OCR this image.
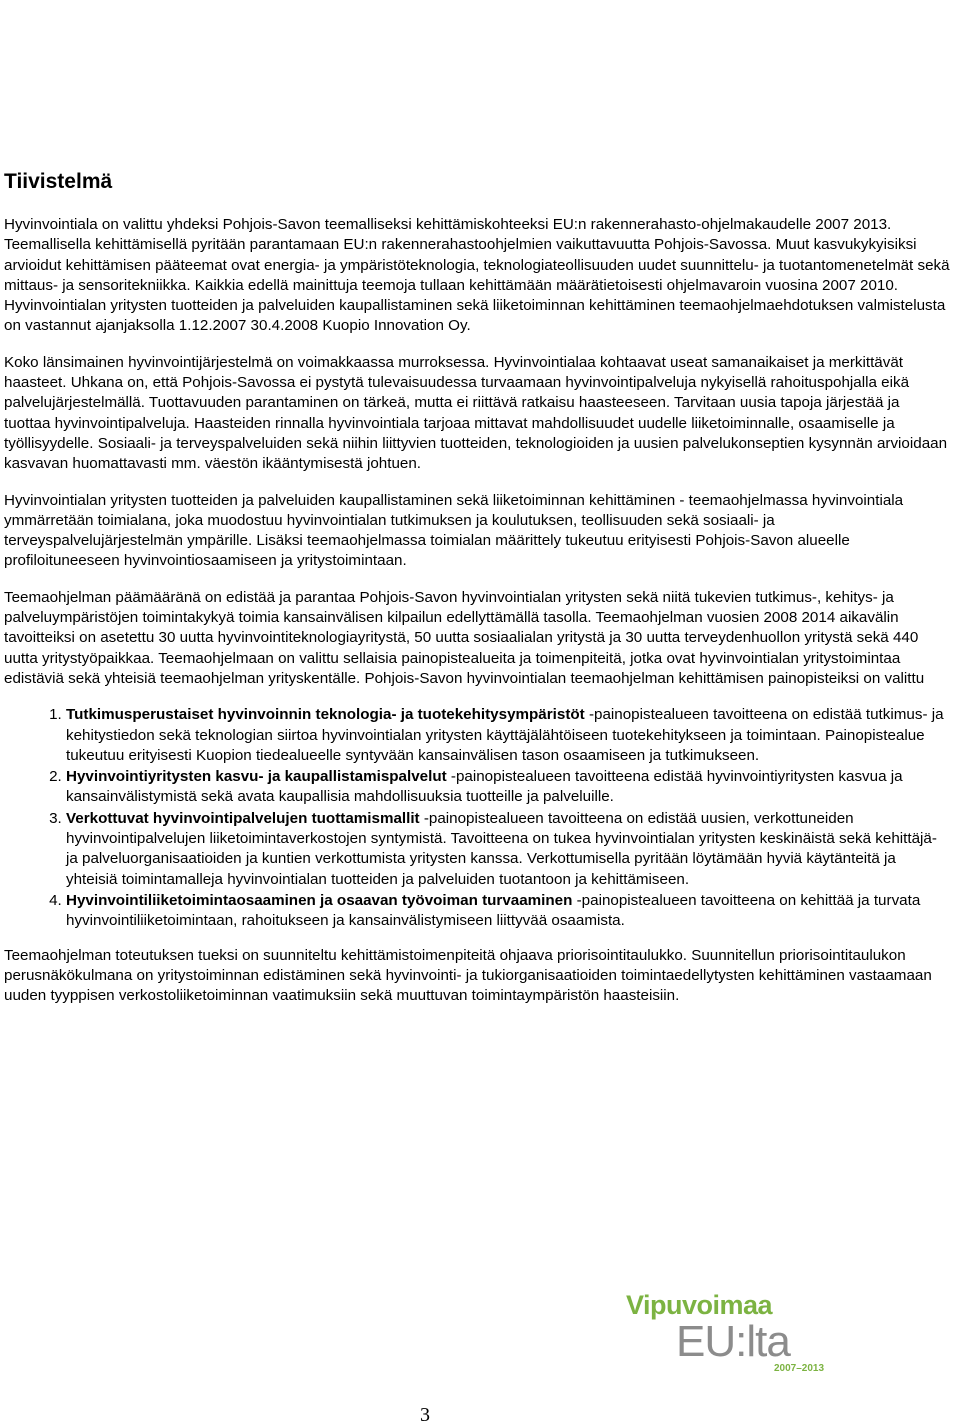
Tiivistelmä

Hyvinvointiala on valittu yhdeksi Pohjois-Savon teemalliseksi kehittämiskohteeksi EU:n rakennerahasto-ohjelmakaudelle 2007 2013. Teemallisella kehittämisellä pyritään parantamaan EU:n rakennerahastoohjelmien vaikuttavuutta Pohjois-Savossa. Muut kasvukykyisiksi arvioidut kehittämisen pääteemat ovat energia- ja ympäristöteknologia, teknologiateollisuuden uudet suunnittelu- ja tuotantomenetelmät sekä mittaus- ja sensoritekniikka. Kaikkia edellä mainittuja teemoja tullaan kehittämään määrätietoisesti ohjelmavaroin vuosina 2007 2010. Hyvinvointialan yritysten tuotteiden ja palveluiden kaupallistaminen sekä liiketoiminnan kehittäminen teemaohjelmaehdotuksen valmistelusta on vastannut ajanjaksolla 1.12.2007 30.4.2008 Kuopio Innovation Oy.

Koko länsimainen hyvinvointijärjestelmä on voimakkaassa murroksessa. Hyvinvointialaa kohtaavat useat samanaikaiset ja merkittävät haasteet. Uhkana on, että Pohjois-Savossa ei pystytä tulevaisuudessa turvaamaan hyvinvointipalveluja nykyisellä rahoituspohjalla eikä palvelujärjestelmällä. Tuottavuuden parantaminen on tärkeä, mutta ei riittävä ratkaisu haasteeseen. Tarvitaan uusia tapoja järjestää ja tuottaa hyvinvointipalveluja. Haasteiden rinnalla hyvinvointiala tarjoaa mittavat mahdollisuudet uudelle liiketoiminnalle, osaamiselle ja työllisyydelle. Sosiaali- ja terveyspalveluiden sekä niihin liittyvien tuotteiden, teknologioiden ja uusien palvelukonseptien kysynnän arvioidaan kasvavan huomattavasti mm. väestön ikääntymisestä johtuen.

Hyvinvointialan yritysten tuotteiden ja palveluiden kaupallistaminen sekä liiketoiminnan kehittäminen - teemaohjelmassa hyvinvointiala ymmärretään toimialana, joka muodostuu hyvinvointialan tutkimuksen ja koulutuksen, teollisuuden sekä sosiaali- ja terveyspalvelujärjestelmän ympärille. Lisäksi teemaohjelmassa toimialan määrittely tukeutuu erityisesti Pohjois-Savon alueelle profiloituneeseen hyvinvointiosaamiseen ja yritystoimintaan.

Teemaohjelman päämääränä on edistää ja parantaa Pohjois-Savon hyvinvointialan yritysten sekä niitä tukevien tutkimus-, kehitys- ja palveluympäristöjen toimintakykyä toimia kansainvälisen kilpailun edellyttämällä tasolla. Teemaohjelman vuosien 2008 2014 aikavälin tavoitteiksi on asetettu 30 uutta hyvinvointiteknologiayritystä, 50 uutta sosiaalialan yritystä ja 30 uutta terveydenhuollon yritystä sekä 440 uutta yritystyöpaikkaa. Teemaohjelmaan on valittu sellaisia painopistealueita ja toimenpiteitä, jotka ovat hyvinvointialan yritystoimintaa edistäviä sekä yhteisiä teemaohjelman yrityskentälle. Pohjois-Savon hyvinvointialan teemaohjelman kehittämisen painopisteiksi on valittu

1. Tutkimusperustaiset hyvinvoinnin teknologia- ja tuotekehitysympäristöt -painopistealueen tavoitteena on edistää tutkimus- ja kehitystiedon sekä teknologian siirtoa hyvinvointialan yritysten käyttäjälähtöiseen tuotekehitykseen ja toimintaan. Painopistealue tukeutuu erityisesti Kuopion tiedealueelle syntyvään kansainvälisen tason osaamiseen ja tutkimukseen.
2. Hyvinvointiyritysten kasvu- ja kaupallistamispalvelut -painopistealueen tavoitteena edistää hyvinvointiyritysten kasvua ja kansainvälistymistä sekä avata kaupallisia mahdollisuuksia tuotteille ja palveluille.
3. Verkottuvat hyvinvointipalvelujen tuottamismallit -painopistealueen tavoitteena on edistää uusien, verkottuneiden hyvinvointipalvelujen liiketoimintaverkostojen syntymistä. Tavoitteena on tukea hyvinvointialan yritysten keskinäistä sekä kehittäjä- ja palveluorganisaatioiden ja kuntien verkottumista yritysten kanssa. Verkottumisella pyritään löytämään hyviä käytänteitä ja yhteisiä toimintamalleja hyvinvointialan tuotteiden ja palveluiden tuotantoon ja kehittämiseen.
4. Hyvinvointiliiketoimintaosaaminen ja osaavan työvoiman turvaaminen -painopistealueen tavoitteena on kehittää ja turvata hyvinvointiliiketoimintaan, rahoitukseen ja kansainvälistymiseen liittyvää osaamista.

Teemaohjelman toteutuksen tueksi on suunniteltu kehittämistoimenpiteitä ohjaava priorisointitaulukko. Suunnitellun priorisointitaulukon perusnäkökulmana on yritystoiminnan edistäminen sekä hyvinvointi- ja tukiorganisaatioiden toimintaedellytysten kehittäminen vastaamaan uuden tyyppisen verkostoliiketoiminnan vaatimuksiin sekä muuttuvan toimintaympäristön haasteisiin.

Vipuvoimaa
EU:lta
2007–2013
3
